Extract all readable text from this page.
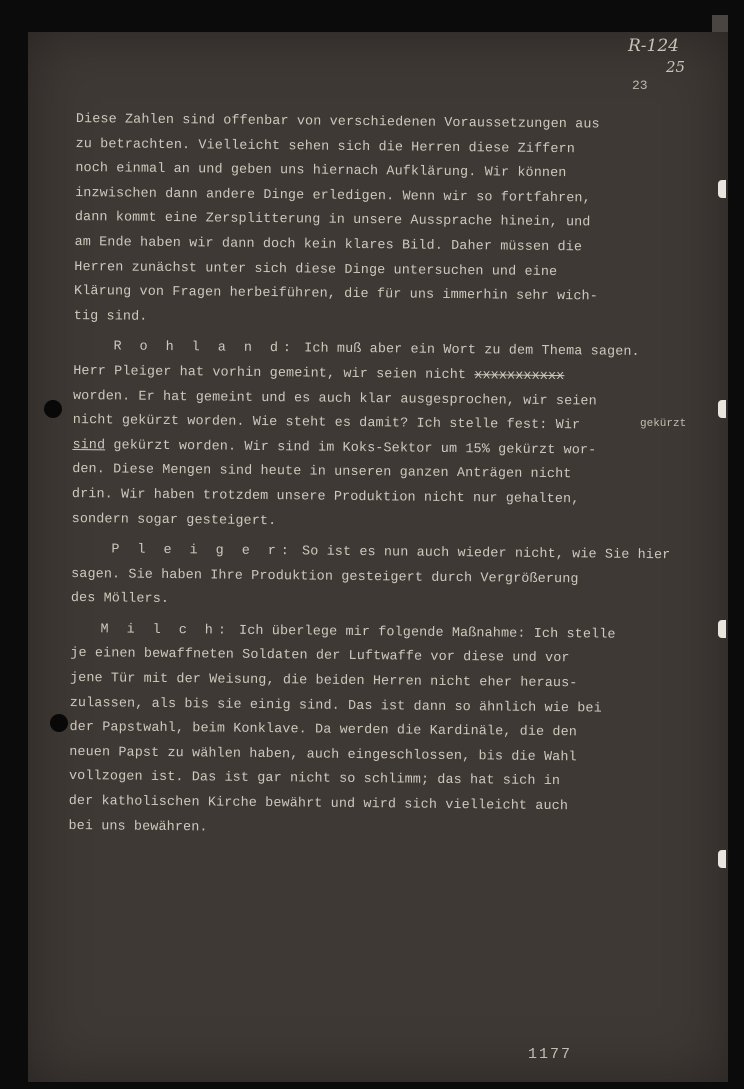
R-124
25
23
gekürzt
Diese Zahlen sind offenbar von verschiedenen Voraussetzungen aus
zu betrachten. Vielleicht sehen sich die Herren diese Ziffern
noch einmal an und geben uns hiernach Aufklärung. Wir können
inzwischen dann andere Dinge erledigen. Wenn wir so fortfahren,
dann kommt eine Zersplitterung in unsere Aussprache hinein, und
am Ende haben wir dann doch kein klares Bild. Daher müssen die
Herren zunächst unter sich diese Dinge untersuchen und eine
Klärung von Fragen herbeiführen, die für uns immerhin sehr wich-
tig sind.
R o h l a n d: Ich muß aber ein Wort zu dem Thema sagen.
Herr Pleiger hat vorhin gemeint, wir seien nicht xxxxxxxxxxx
worden. Er hat gemeint und es auch klar ausgesprochen, wir seien
nicht gekürzt worden. Wie steht es damit? Ich stelle fest: Wir
sind gekürzt worden. Wir sind im Koks-Sektor um 15% gekürzt wor-
den. Diese Mengen sind heute in unseren ganzen Anträgen nicht
drin. Wir haben trotzdem unsere Produktion nicht nur gehalten,
sondern sogar gesteigert.
P l e i g e r: So ist es nun auch wieder nicht, wie Sie hier
sagen. Sie haben Ihre Produktion gesteigert durch Vergrößerung
des Möllers.
M i l c h: Ich überlege mir folgende Maßnahme: Ich stelle
je einen bewaffneten Soldaten der Luftwaffe vor diese und vor
jene Tür mit der Weisung, die beiden Herren nicht eher heraus-
zulassen, als bis sie einig sind. Das ist dann so ähnlich wie bei
der Papstwahl, beim Konklave. Da werden die Kardinäle, die den
neuen Papst zu wählen haben, auch eingeschlossen, bis die Wahl
vollzogen ist. Das ist gar nicht so schlimm; das hat sich in
der katholischen Kirche bewährt und wird sich vielleicht auch
bei uns bewähren.
1177
